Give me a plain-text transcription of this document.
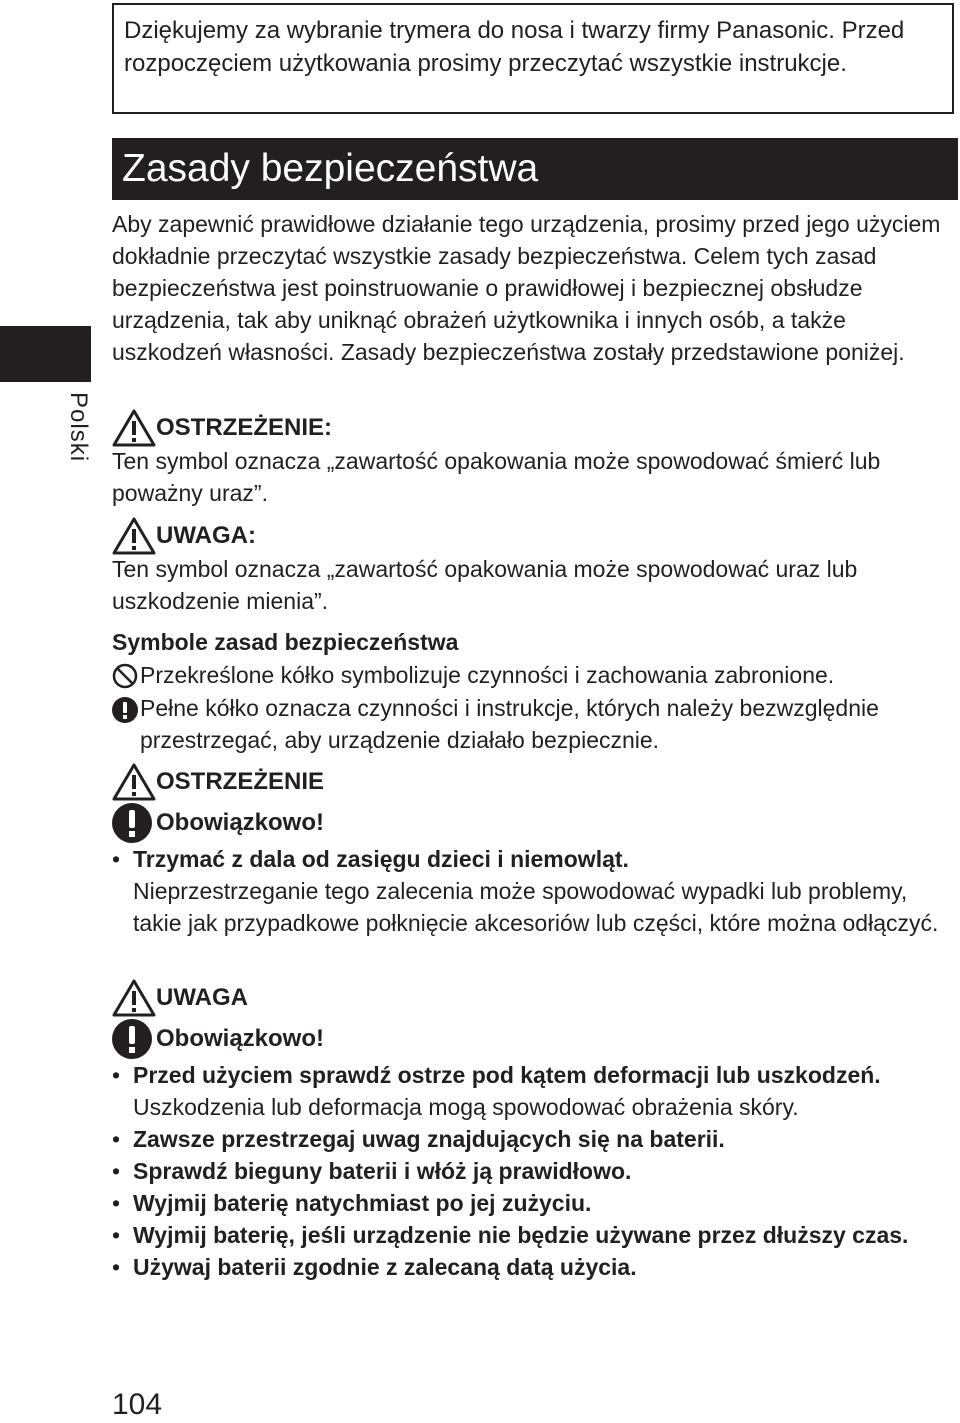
Polski
Dziękujemy za wybranie trymera do nosa i twarzy firmy Panasonic. Przed rozpoczęciem użytkowania prosimy przeczytać wszystkie instrukcje.
Zasady bezpieczeństwa

Aby zapewnić prawidłowe działanie tego urządzenia, prosimy przed jego użyciem dokładnie przeczytać wszystkie zasady bezpieczeństwa. Celem tych zasad bezpieczeństwa jest poinstruowanie o prawidłowej i bezpiecznej obsłudze urządzenia, tak aby uniknąć obrażeń użytkownika i innych osób, a także uszkodzeń własności. Zasady bezpieczeństwa zostały przedstawione poniżej.

OSTRZEŻENIE:

Ten symbol oznacza „zawartość opakowania może spowodować śmierć lub poważny uraz”.

UWAGA:

Ten symbol oznacza „zawartość opakowania może spowodować uraz lub uszkodzenie mienia”.

Symbole zasad bezpieczeństwa
Przekreślone kółko symbolizuje czynności i zachowania zabronione.

Pełne kółko oznacza czynności i instrukcje, których należy bezwzględnie przestrzegać, aby urządzenie działało bezpiecznie.

OSTRZEŻENIE
Obowiązkowo!
• Trzymać z dala od zasięgu dzieci i niemowląt.
Nieprzestrzeganie tego zalecenia może spowodować wypadki lub problemy, takie jak przypadkowe połknięcie akcesoriów lub części, które można odłączyć.
UWAGA
Obowiązkowo!
• Przed użyciem sprawdź ostrze pod kątem deformacji lub uszkodzeń.
Uszkodzenia lub deformacja mogą spowodować obrażenia skóry.
• Zawsze przestrzegaj uwag znajdujących się na baterii.
• Sprawdź bieguny baterii i włóż ją prawidłowo.
• Wyjmij baterię natychmiast po jej zużyciu.
• Wyjmij baterię, jeśli urządzenie nie będzie używane przez dłuższy czas.
• Używaj baterii zgodnie z zalecaną datą użycia.
104
